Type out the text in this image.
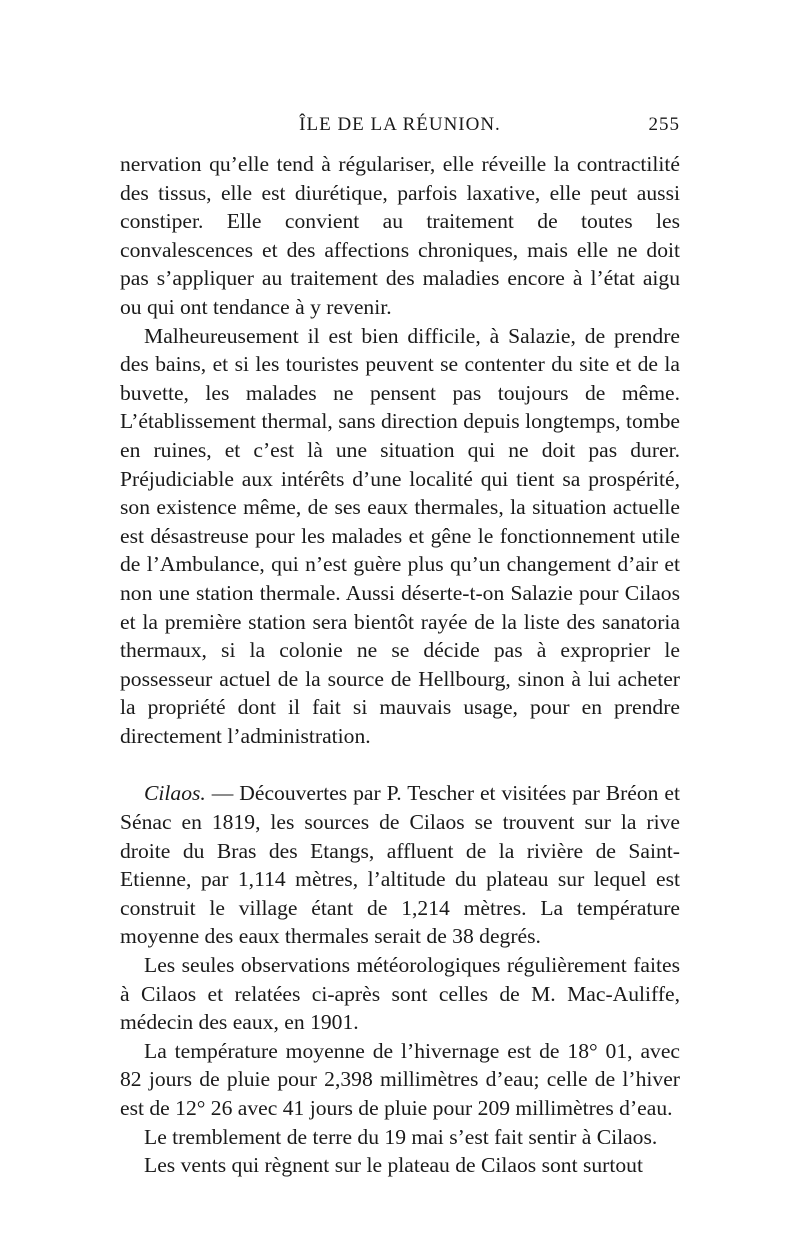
ÎLE DE LA RÉUNION.	255

nervation qu’elle tend à régulariser, elle réveille la contractilité des tissus, elle est diurétique, parfois laxative, elle peut aussi constiper. Elle convient au traitement de toutes les convalescences et des affections chroniques, mais elle ne doit pas s’appliquer au traitement des maladies encore à l’état aigu ou qui ont tendance à y revenir.

Malheureusement il est bien difficile, à Salazie, de prendre des bains, et si les touristes peuvent se contenter du site et de la buvette, les malades ne pensent pas toujours de même. L’établissement thermal, sans direction depuis longtemps, tombe en ruines, et c’est là une situation qui ne doit pas durer. Préjudiciable aux intérêts d’une localité qui tient sa prospérité, son existence même, de ses eaux thermales, la situation actuelle est désastreuse pour les malades et gêne le fonctionnement utile de l’Ambulance, qui n’est guère plus qu’un changement d’air et non une station thermale. Aussi déserte-t-on Salazie pour Cilaos et la première station sera bientôt rayée de la liste des sanatoria thermaux, si la colonie ne se décide pas à exproprier le possesseur actuel de la source de Hellbourg, sinon à lui acheter la propriété dont il fait si mauvais usage, pour en prendre directement l’administration.

Cilaos. — Découvertes par P. Tescher et visitées par Bréon et Sénac en 1819, les sources de Cilaos se trouvent sur la rive droite du Bras des Etangs, affluent de la rivière de Saint-Etienne, par 1,114 mètres, l’altitude du plateau sur lequel est construit le village étant de 1,214 mètres. La température moyenne des eaux thermales serait de 38 degrés.

Les seules observations météorologiques régulièrement faites à Cilaos et relatées ci-après sont celles de M. Mac-Auliffe, médecin des eaux, en 1901.

La température moyenne de l’hivernage est de 18° 01, avec 82 jours de pluie pour 2,398 millimètres d’eau; celle de l’hiver est de 12° 26 avec 41 jours de pluie pour 209 millimètres d’eau.

Le tremblement de terre du 19 mai s’est fait sentir à Cilaos.

Les vents qui règnent sur le plateau de Cilaos sont surtout
